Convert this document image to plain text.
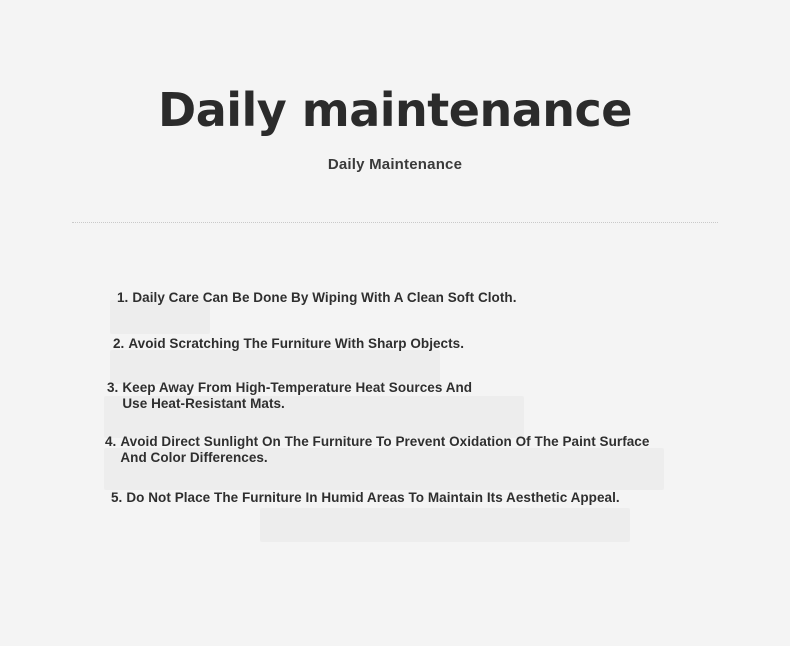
Daily maintenance
Daily Maintenance
1. Daily Care Can Be Done By Wiping With A Clean Soft Cloth.
2. Avoid Scratching The Furniture With Sharp Objects.
3. Keep Away From High-Temperature Heat Sources And Use Heat-Resistant Mats.
4. Avoid Direct Sunlight On The Furniture To Prevent Oxidation Of The Paint Surface And Color Differences.
5. Do Not Place The Furniture In Humid Areas To Maintain Its Aesthetic Appeal.
